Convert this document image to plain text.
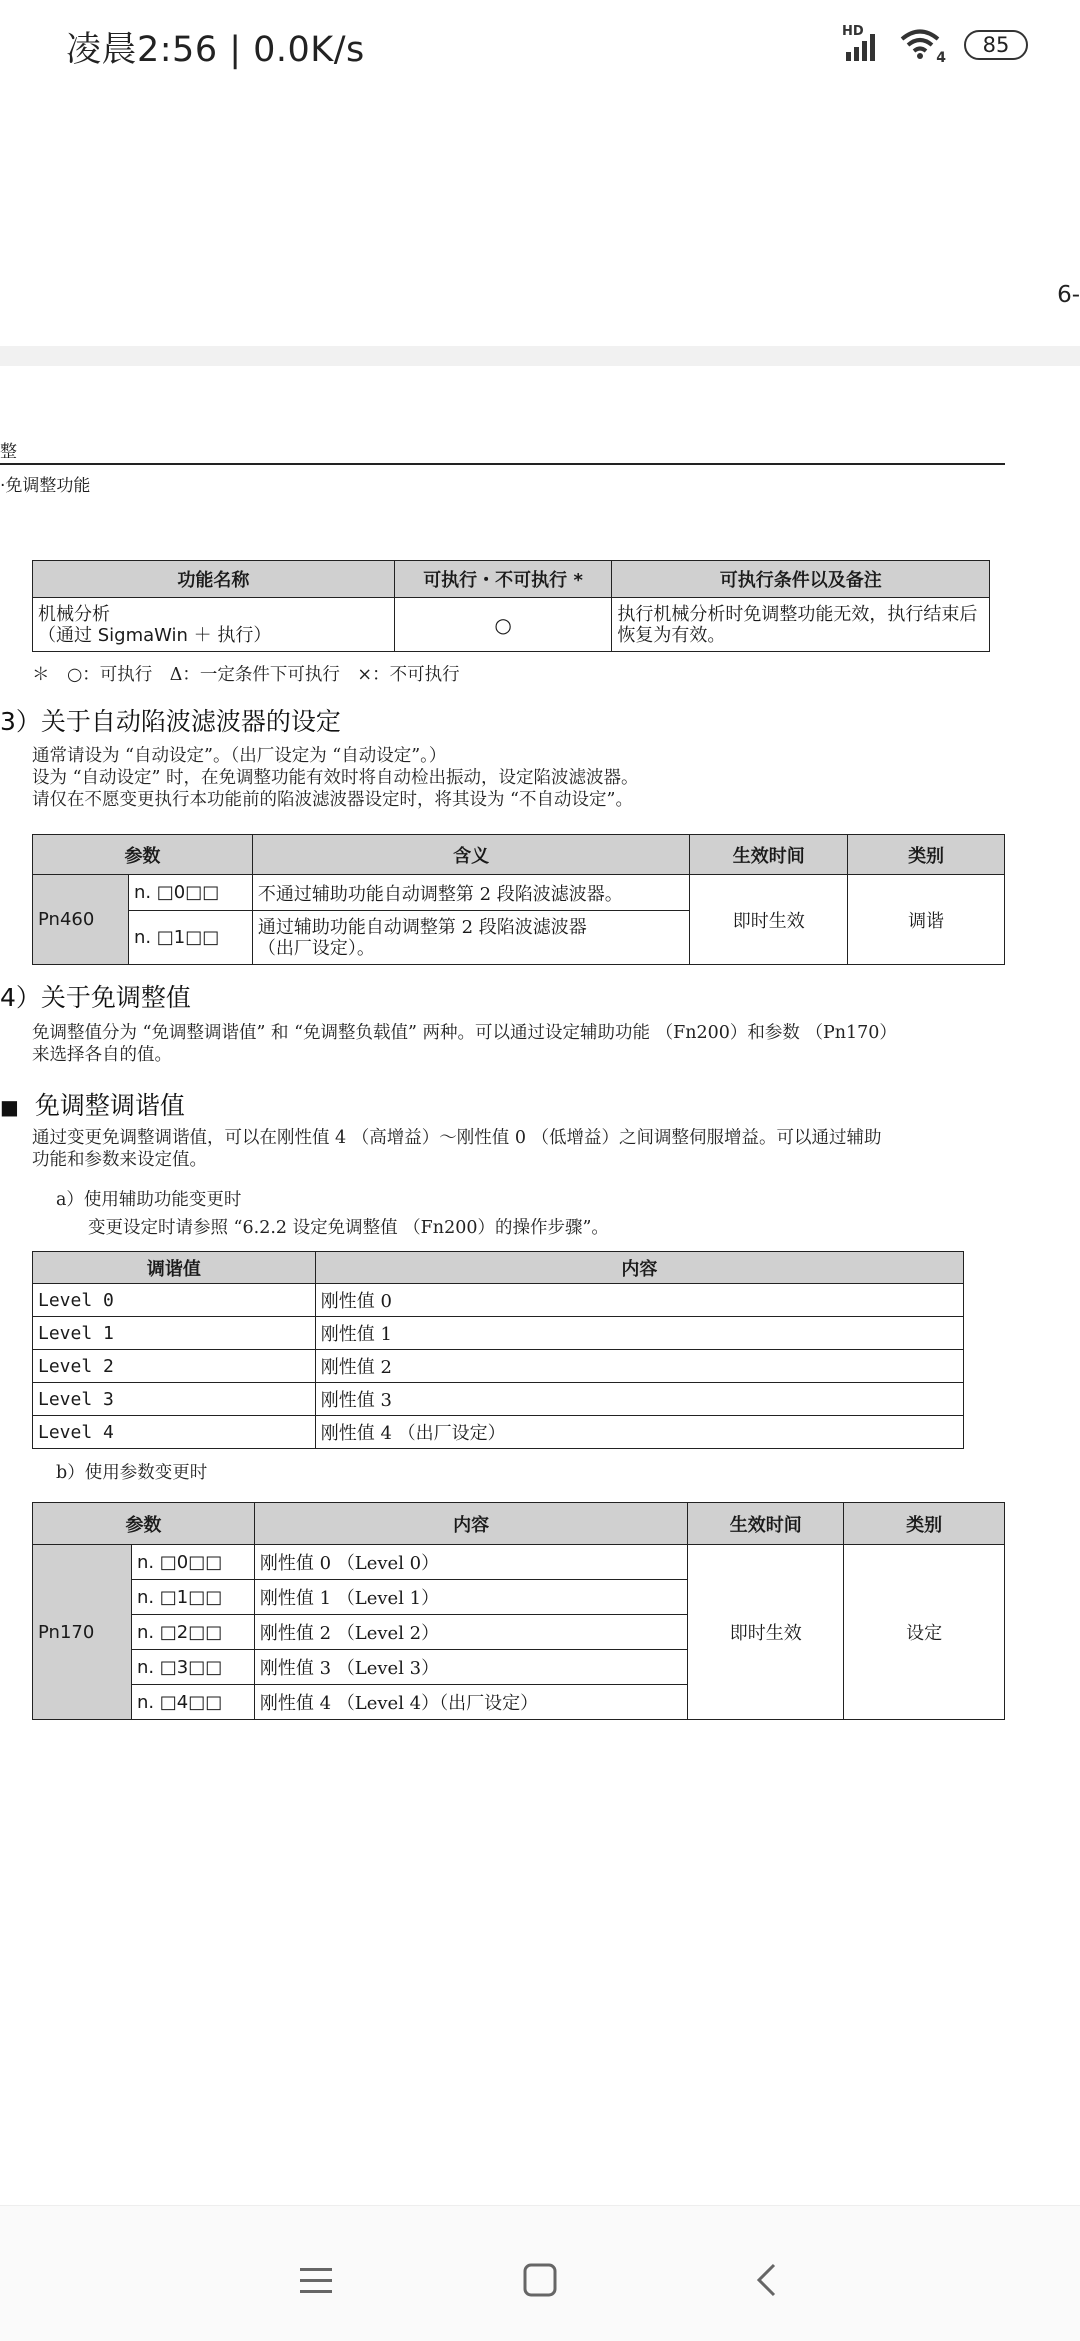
凌晨2:56 | 0.0K/s	HD
4
85
6-
整
·免调整功能
功能名称	可执行・不可执行 *	可执行条件以及备注

机械分析
（通过 SigmaWin ＋ 执行）	○	执行机械分析时免调整功能无效，执行结束后恢复为有效。
＊　○：可执行　Δ：一定条件下可执行　×：不可执行
3）关于自动陷波滤波器的设定
通常请设为 “自动设定”。（出厂设定为 “自动设定”。）
设为 “自动设定” 时，在免调整功能有效时将自动检出振动，设定陷波滤波器。
请仅在不愿变更执行本功能前的陷波滤波器设定时，将其设为 “不自动设定”。
参数		含义	生效时间	类别
Pn460	n. □0□□	不通过辅助功能自动调整第 2 段陷波滤波器。	即时生效	调谐
	n. □1□□	通过辅助功能自动调整第 2 段陷波滤波器
（出厂设定）。		
4）关于免调整值
免调整值分为 “免调整调谐值” 和 “免调整负载值” 两种。可以通过设定辅助功能 （Fn200）和参数 （Pn170）
来选择各自的值。
■ 免调整调谐值
通过变更免调整调谐值，可以在刚性值 4 （高增益）～刚性值 0 （低增益）之间调整伺服增益。可以通过辅助
功能和参数来设定值。
a）使用辅助功能变更时
变更设定时请参照 “6.2.2 设定免调整值 （Fn200）的操作步骤”。
调谐值	内容
Level 0	刚性值 0
Level 1	刚性值 1
Level 2	刚性值 2
Level 3	刚性值 3
Level 4	刚性值 4 （出厂设定）
b）使用参数变更时
参数		内容	生效时间	类别
Pn170	n. □0□□	刚性值 0 （Level 0）	即时生效	设定
	n. □1□□	刚性值 1 （Level 1）		
	n. □2□□	刚性值 2 （Level 2）		
	n. □3□□	刚性值 3 （Level 3）		
	n. □4□□	刚性值 4 （Level 4）（出厂设定）		
